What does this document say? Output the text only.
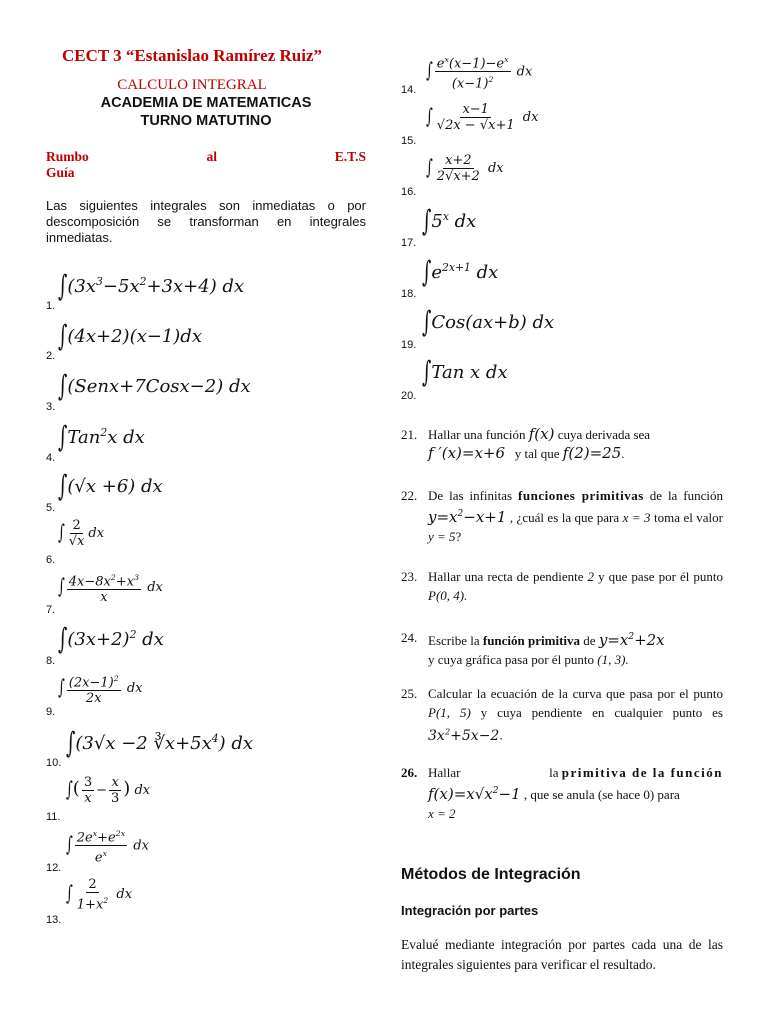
CECT 3 “Estanislao Ramírez Ruiz”
CALCULO INTEGRAL
ACADEMIA DE MATEMATICAS
TURNO MATUTINO
Rumbo	al	E.T.S
Guía
Las siguientes integrales son inmediatas o por descomposición se transforman en integrales inmediatas.
1.
$\int(3x^3-5x^2+3x+4)$ dx
2.
∫(4x+2)(x−1)dx
3.
∫(Senx+7Cosx−2) dx
4.
∫Tan$^2$x dx
5.
∫(√x +6) dx
6.
∫ $\frac{2}{√x}$ dx
7.
∫ $\frac{4x-8x^2+x^3}{x}$ dx
8.
$\int(3x+2)^2$ dx
9.
∫ $\frac{(2x-1)^2}{2x}$ dx
10.
∫(3√x −2 $∛x+5x^4$) dx
11.
∫( $\frac{3}{x} - \frac{x}{3}$ ) dx
12.
∫ $\frac{2e^x+e^{2x}}{e^x}$ dx
13.
∫ $\frac{2}{1+x^2}$ dx
14.
∫ $\frac{e^x(x-1)-e^x}{(x-1)^2}$ dx
15.
∫ $\frac{x-1}{√2x - √x+1}$ dx
16.
∫ $\frac{x+2}{2√x+2}$ dx
17.
∫5$^x$ dx
18.
$\int e^{2x+1}$ dx
19.
∫Cos(ax+b) dx
20.
∫Tan x dx
21. Hallar una función f(x) cuya derivada sea
f ′(x)=x+6 y tal que f(2)=25.
22. De las infinitas funciones primitivas de la función $y=x^2-x+1$ , ¿cuál es la que para x = 3 toma el valor y = 5?
23. Hallar una recta de pendiente 2 y que pase por él punto P(0, 4).
24. Escribe la función primitiva de $y=x^2+2x$
y cuya gráfica pasa por él punto (1, 3).
25. Calcular la ecuación de la curva que pasa por el punto P(1, 5) y cuya pendiente en cualquier punto es $3x^2+5x-2$.
26. Hallar	la primitiva de la función
$f(x)=x√x^2-1$ , que se anula (se hace 0) para
x = 2
Métodos de Integración
Integración por partes
Evalué mediante integración por partes cada una de las integrales siguientes para verificar el resultado.
